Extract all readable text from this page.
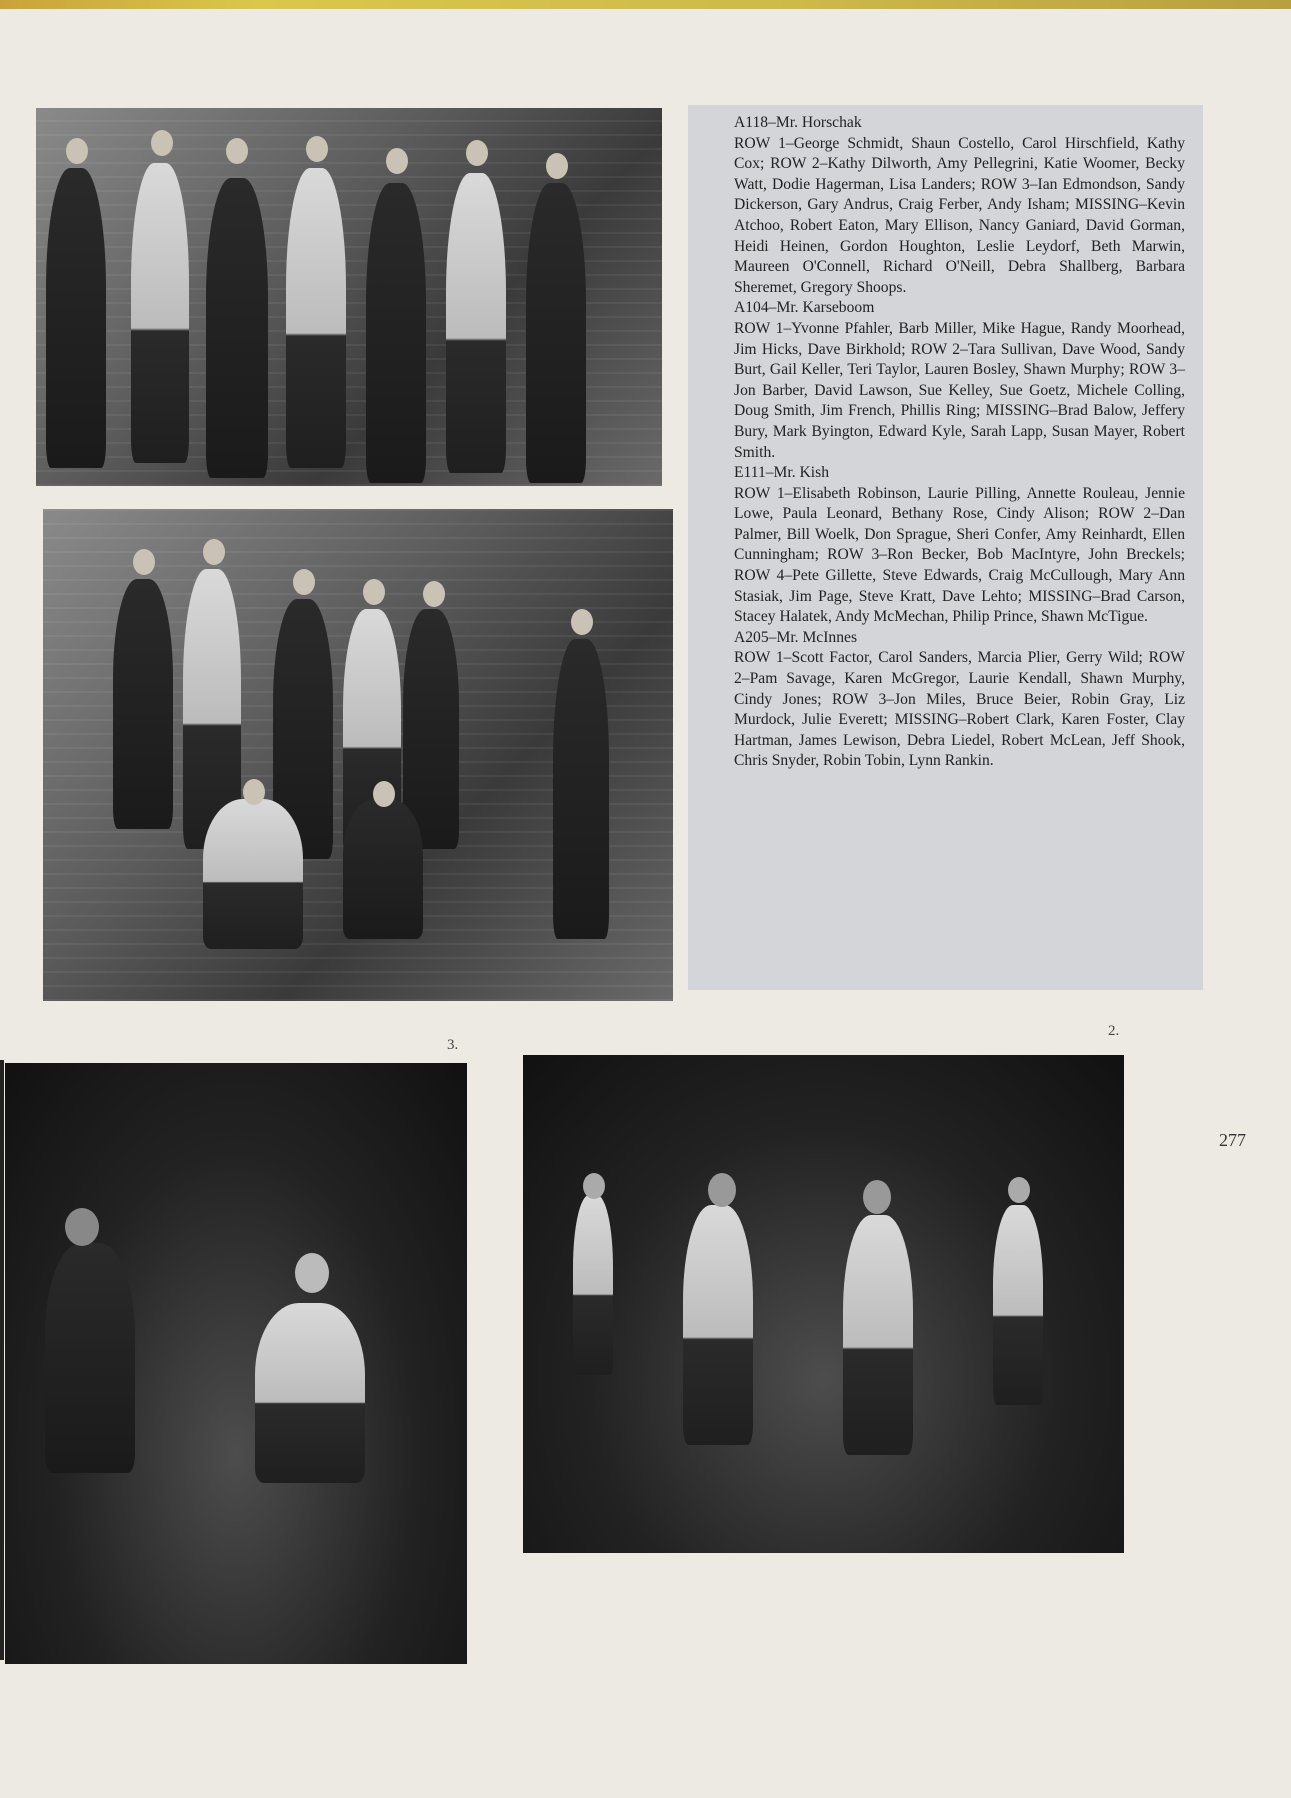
A118–Mr. Horschak
ROW 1–George Schmidt, Shaun Costello, Carol Hirschfield, Kathy Cox; ROW 2–Kathy Dilworth, Amy Pellegrini, Katie Woomer, Becky Watt, Dodie Hagerman, Lisa Landers; ROW 3–Ian Edmondson, Sandy Dickerson, Gary Andrus, Craig Ferber, Andy Isham; MISSING–Kevin Atchoo, Robert Eaton, Mary Ellison, Nancy Ganiard, David Gorman, Heidi Heinen, Gordon Houghton, Leslie Leydorf, Beth Marwin, Maureen O'Connell, Richard O'Neill, Debra Shallberg, Barbara Sheremet, Gregory Shoops.

A104–Mr. Karseboom
ROW 1–Yvonne Pfahler, Barb Miller, Mike Hague, Randy Moorhead, Jim Hicks, Dave Birkhold; ROW 2–Tara Sullivan, Dave Wood, Sandy Burt, Gail Keller, Teri Taylor, Lauren Bosley, Shawn Murphy; ROW 3–Jon Barber, David Lawson, Sue Kelley, Sue Goetz, Michele Colling, Doug Smith, Jim French, Phillis Ring; MISSING–Brad Balow, Jeffery Bury, Mark Byington, Edward Kyle, Sarah Lapp, Susan Mayer, Robert Smith.

E111–Mr. Kish
ROW 1–Elisabeth Robinson, Laurie Pilling, Annette Rouleau, Jennie Lowe, Paula Leonard, Bethany Rose, Cindy Alison; ROW 2–Dan Palmer, Bill Woelk, Don Sprague, Sheri Confer, Amy Reinhardt, Ellen Cunningham; ROW 3–Ron Becker, Bob MacIntyre, John Breckels; ROW 4–Pete Gillette, Steve Edwards, Craig McCullough, Mary Ann Stasiak, Jim Page, Steve Kratt, Dave Lehto; MISSING–Brad Carson, Stacey Halatek, Andy McMechan, Philip Prince, Shawn McTigue.

A205–Mr. McInnes
ROW 1–Scott Factor, Carol Sanders, Marcia Plier, Gerry Wild; ROW 2–Pam Savage, Karen McGregor, Laurie Kendall, Shawn Murphy, Cindy Jones; ROW 3–Jon Miles, Bruce Beier, Robin Gray, Liz Murdock, Julie Everett; MISSING–Robert Clark, Karen Foster, Clay Hartman, James Lewison, Debra Liedel, Robert McLean, Jeff Shook, Chris Snyder, Robin Tobin, Lynn Rankin.

3.
2.
277
